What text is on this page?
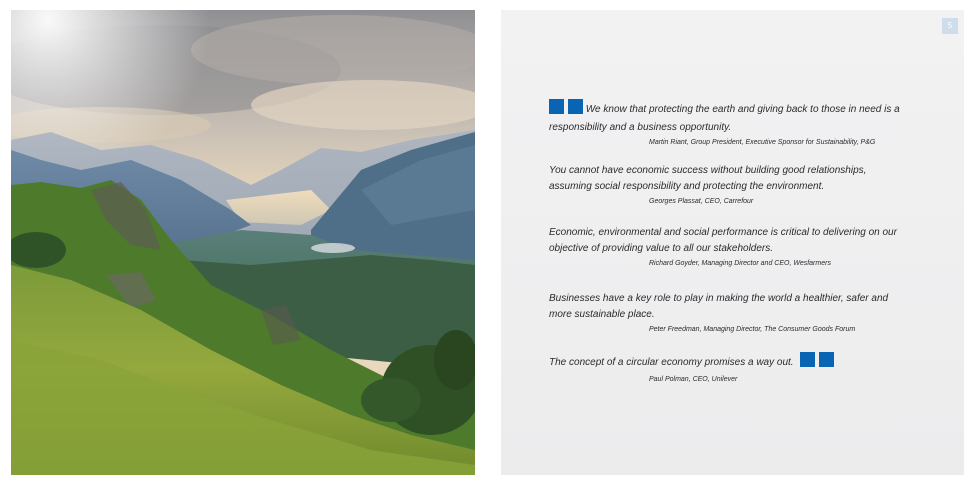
5
We know that protecting the earth and giving back to those in need is a responsibility and a business opportunity.
Martin Riant, Group President, Executive Sponsor for Sustainability, P&G
You cannot have economic success without building good relationships, assuming social responsibility and protecting the environment.
Georges Plassat, CEO, Carrefour
Economic, environmental and social performance is critical to delivering on our objective of providing value to all our stakeholders.
Richard Goyder, Managing Director and CEO, Wesfarmers
Businesses have a key role to play in making the world a healthier, safer and more sustainable place.
Peter Freedman, Managing Director, The Consumer Goods Forum
The concept of a circular economy promises a way out.
Paul Polman, CEO, Unilever
